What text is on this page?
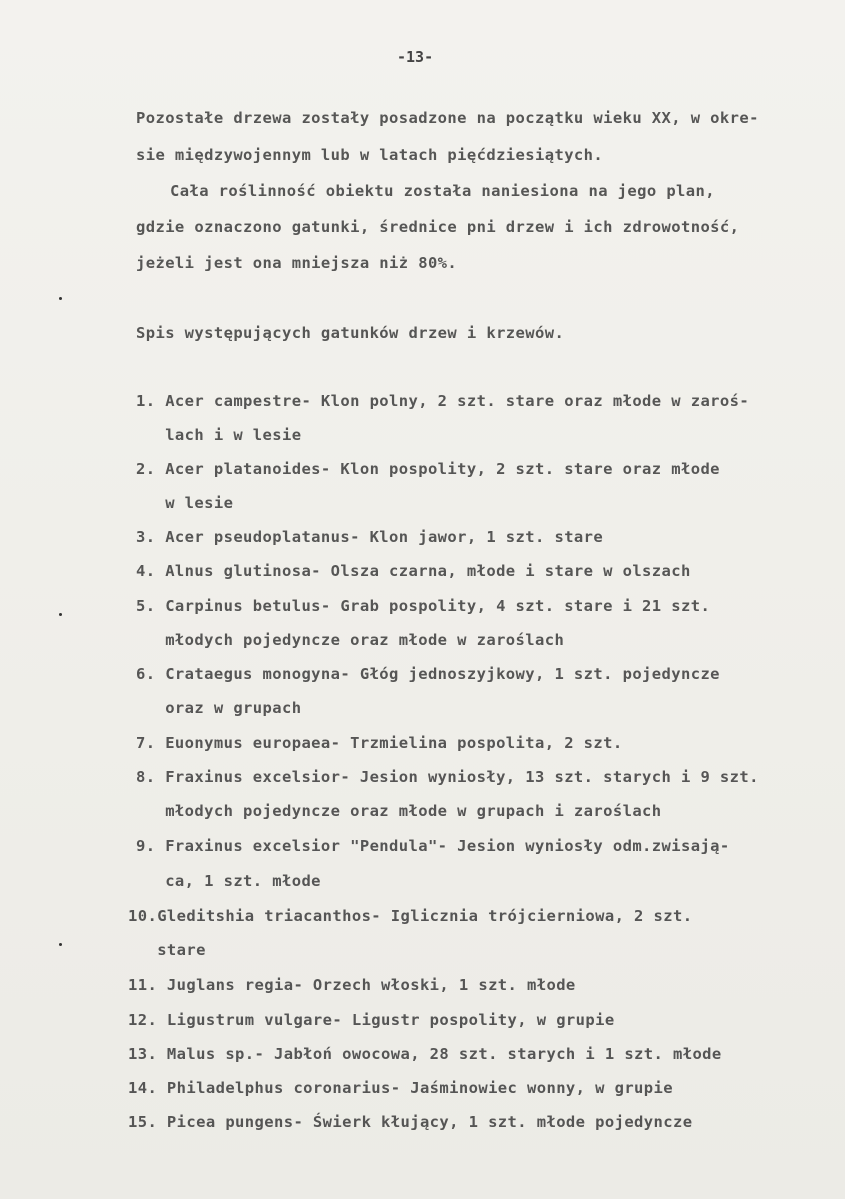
-13-
Pozostałe drzewa zostały posadzone na początku wieku XX, w okre-
sie międzywojennym lub w latach pięćdziesiątych.
Cała roślinność obiektu została naniesiona na jego plan,
gdzie oznaczono gatunki, średnice pni drzew i ich zdrowotność,
jeżeli jest ona mniejsza niż 80%.
Spis występujących gatunków drzew i krzewów.
1. Acer campestre- Klon polny, 2 szt. stare oraz młode w zaroś-
lach i w lesie
2. Acer platanoides- Klon pospolity, 2 szt. stare oraz młode
w lesie
3. Acer pseudoplatanus- Klon jawor, 1 szt. stare
4. Alnus glutinosa- Olsza czarna, młode i stare w olszach
5. Carpinus betulus- Grab pospolity, 4 szt. stare i 21 szt.
młodych pojedyncze oraz młode w zaroślach
6. Crataegus monogyna- Głóg jednoszyjkowy, 1 szt. pojedyncze
oraz w grupach
7. Euonymus europaea- Trzmielina pospolita, 2 szt.
8. Fraxinus excelsior- Jesion wyniosły, 13 szt. starych i 9 szt.
młodych pojedyncze oraz młode w grupach i zaroślach
9. Fraxinus excelsior "Pendula"- Jesion wyniosły odm.zwisają-
ca, 1 szt. młode
10.Gleditshia triacanthos- Iglicznia trójcierniowa, 2 szt.
stare
11. Juglans regia- Orzech włoski, 1 szt. młode
12. Ligustrum vulgare- Ligustr pospolity, w grupie
13. Malus sp.- Jabłoń owocowa, 28 szt. starych i 1 szt. młode
14. Philadelphus coronarius- Jaśminowiec wonny, w grupie
15. Picea pungens- Świerk kłujący, 1 szt. młode pojedyncze
